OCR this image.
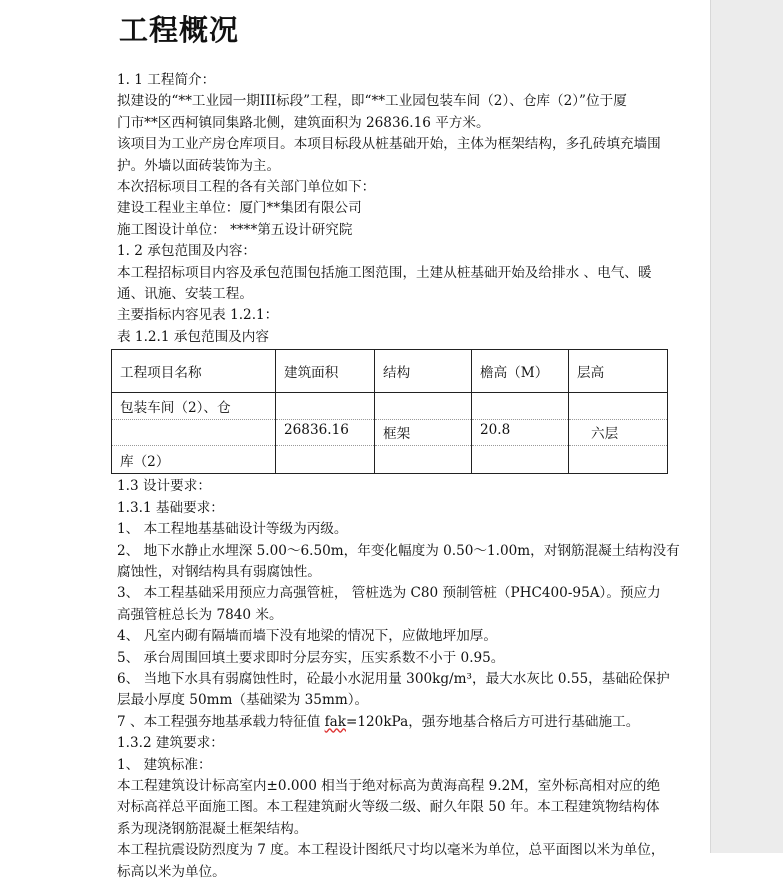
工程概况
1. 1 工程简介：
拟建设的“**工业园一期III标段”工程，即“**工业园包装车间（2）、仓库（2）”位于厦
门市**区西柯镇同集路北侧，建筑面积为 26836.16 平方米。
该项目为工业产房仓库项目。本项目标段从桩基础开始，主体为框架结构，多孔砖填充墙围
护。外墙以面砖装饰为主。
本次招标项目工程的各有关部门单位如下：
建设工程业主单位：厦门**集团有限公司
施工图设计单位： ****第五设计研究院
1. 2 承包范围及内容：
本工程招标项目内容及承包范围包括施工图范围，土建从桩基础开始及给排水 、电气、暖
通、讯施、安装工程。
主要指标内容见表 1.2.1：
表 1.2.1 承包范围及内容
工程项目名称	建筑面积	结构	檐高（M）	层高

包装车间（2）、仓
库（2）	26836.16	框架	20.8	六层
1.3 设计要求：
1.3.1 基础要求：
1、 本工程地基基础设计等级为丙级。
2、 地下水静止水埋深 5.00～6.50m，年变化幅度为 0.50～1.00m，对钢筋混凝土结构没有
腐蚀性，对钢结构具有弱腐蚀性。
3、 本工程基础采用预应力高强管桩， 管桩选为 C80 预制管桩（PHC400-95A）。预应力
高强管桩总长为 7840 米。
4、 凡室内砌有隔墙而墙下没有地梁的情况下，应做地坪加厚。
5、 承台周围回填土要求即时分层夯实，压实系数不小于 0.95。
6、 当地下水具有弱腐蚀性时，砼最小水泥用量 300kg/m³，最大水灰比 0.55，基础砼保护
层最小厚度 50mm（基础梁为 35mm）。
7 、本工程强夯地基承载力特征值 fak=120kPa，强夯地基合格后方可进行基础施工。
1.3.2 建筑要求：
1、 建筑标准：
本工程建筑设计标高室内±0.000 相当于绝对标高为黄海高程 9.2M，室外标高相对应的绝
对标高祥总平面施工图。本工程建筑耐火等级二级、耐久年限 50 年。本工程建筑物结构体
系为现浇钢筋混凝土框架结构。
本工程抗震设防烈度为 7 度。本工程设计图纸尺寸均以毫米为单位，总平面图以米为单位，
标高以米为单位。
